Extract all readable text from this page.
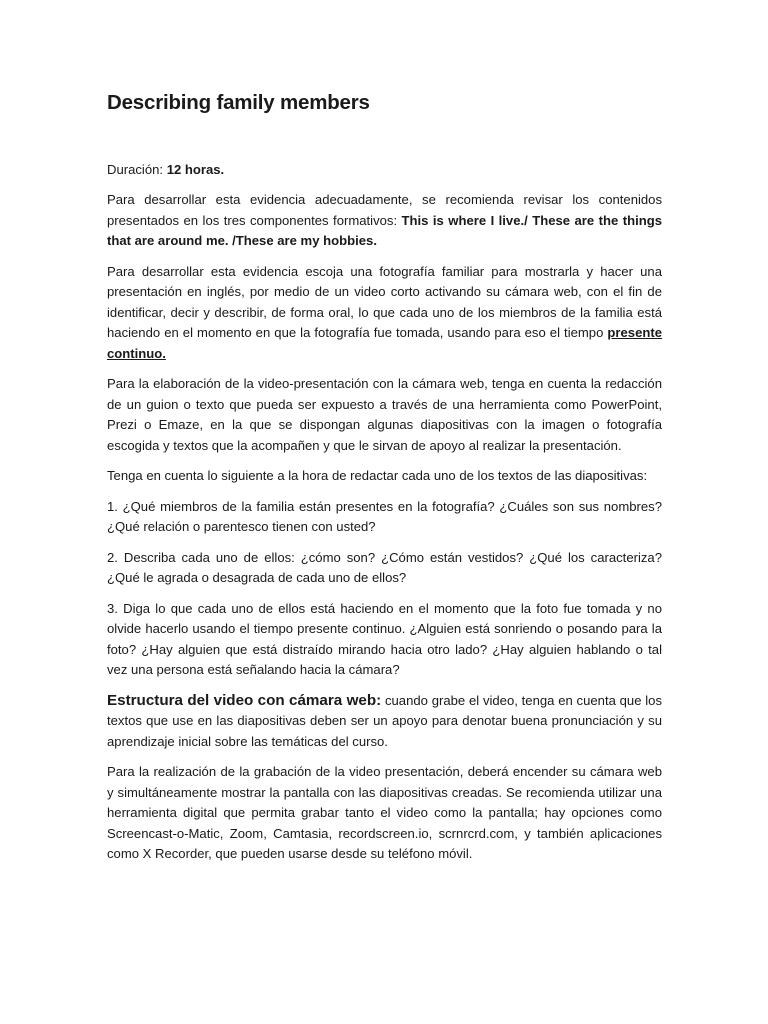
Describing family members

Duración: 12 horas.

Para desarrollar esta evidencia adecuadamente, se recomienda revisar los contenidos presentados en los tres componentes formativos: This is where I live./ These are the things that are around me. /These are my hobbies.

Para desarrollar esta evidencia escoja una fotografía familiar para mostrarla y hacer una presentación en inglés, por medio de un video corto activando su cámara web, con el fin de identificar, decir y describir, de forma oral, lo que cada uno de los miembros de la familia está haciendo en el momento en que la fotografía fue tomada, usando para eso el tiempo presente continuo.

Para la elaboración de la video-presentación con la cámara web, tenga en cuenta la redacción de un guion o texto que pueda ser expuesto a través de una herramienta como PowerPoint, Prezi o Emaze, en la que se dispongan algunas diapositivas con la imagen o fotografía escogida y textos que la acompañen y que le sirvan de apoyo al realizar la presentación.

Tenga en cuenta lo siguiente a la hora de redactar cada uno de los textos de las diapositivas:

1. ¿Qué miembros de la familia están presentes en la fotografía? ¿Cuáles son sus nombres? ¿Qué relación o parentesco tienen con usted?

2. Describa cada uno de ellos: ¿cómo son? ¿Cómo están vestidos? ¿Qué los caracteriza? ¿Qué le agrada o desagrada de cada uno de ellos?

3. Diga lo que cada uno de ellos está haciendo en el momento que la foto fue tomada y no olvide hacerlo usando el tiempo presente continuo. ¿Alguien está sonriendo o posando para la foto? ¿Hay alguien que está distraído mirando hacia otro lado? ¿Hay alguien hablando o tal vez una persona está señalando hacia la cámara?

Estructura del video con cámara web: cuando grabe el video, tenga en cuenta que los textos que use en las diapositivas deben ser un apoyo para denotar buena pronunciación y su aprendizaje inicial sobre las temáticas del curso.

Para la realización de la grabación de la video presentación, deberá encender su cámara web y simultáneamente mostrar la pantalla con las diapositivas creadas. Se recomienda utilizar una herramienta digital que permita grabar tanto el video como la pantalla; hay opciones como Screencast-o-Matic, Zoom, Camtasia, recordscreen.io, scrnrcrd.com, y también aplicaciones como X Recorder, que pueden usarse desde su teléfono móvil.
